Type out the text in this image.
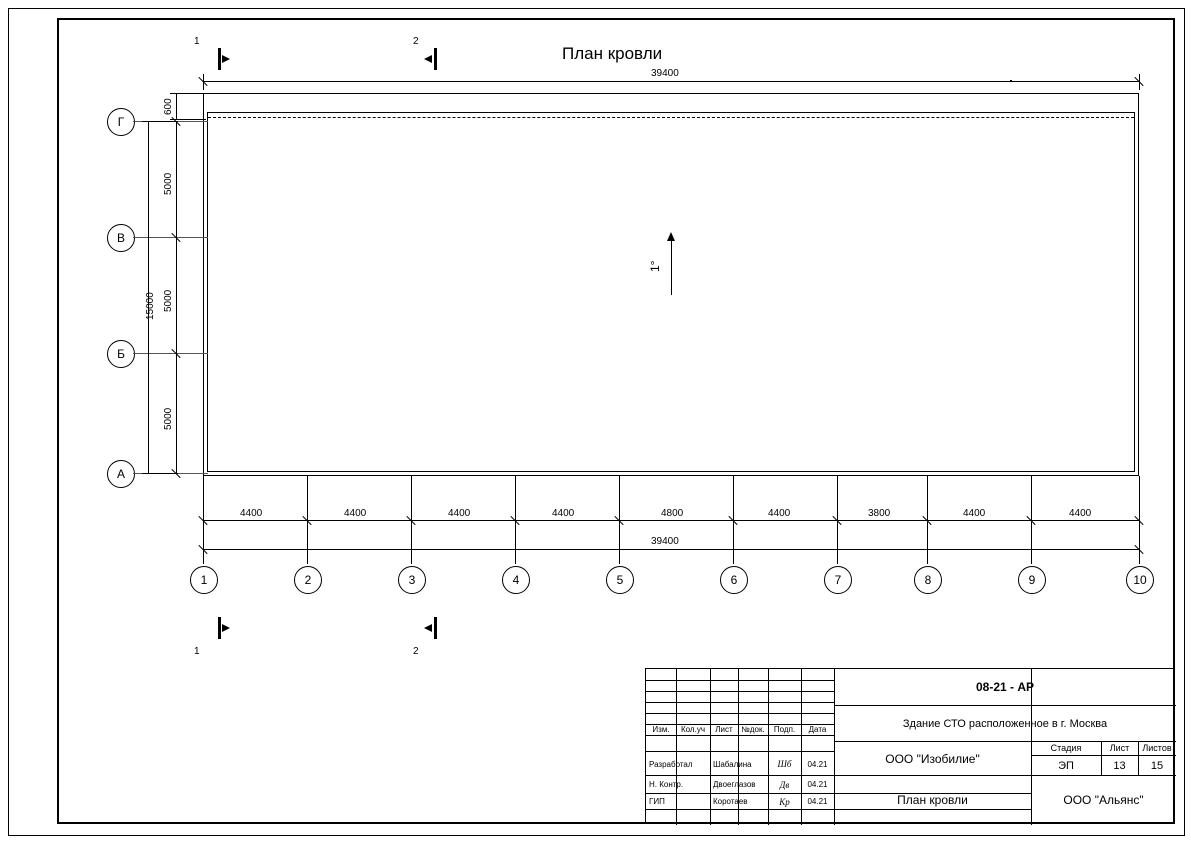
План кровли
1	2
39400
1°
600
Г
В
Б
А
5000
5000
5000
15000
4400	4400	4400	4400	4800	4400	3800	4400	4400
39400
1	2	3	4	5	6	7	8	9	10
1	2
08-21 - АР
Здание СТО расположенное в г. Москва
ООО "Изобилие"
План кровли	ООО "Альянс"
Стадия	Лист	Листов
ЭП	13	15
Изм.	Кол.уч	Лист	№док.	Подп.	Дата
Разработал	Шабалина	Шб	04.21
Н. Контр.	Двоеглазов	Дв	04.21
ГИП	Коротаев	Кр	04.21
